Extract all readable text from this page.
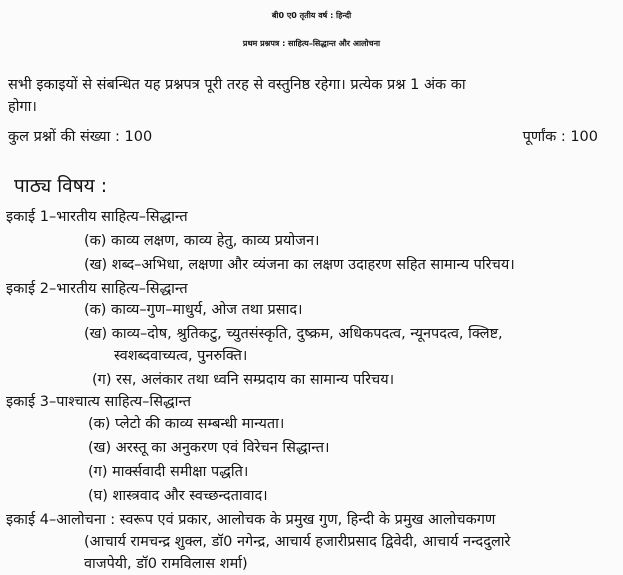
बी0 ए0 तृतीय वर्ष : हिन्दी
प्रथम प्रश्नपत्र : साहित्य–सिद्धान्त और आलोचना
सभी इकाइयों से संबन्धित यह प्रश्नपत्र पूरी तरह से वस्तुनिष्ठ रहेगा। प्रत्येक प्रश्न 1 अंक का
होगा।
कुल प्रश्नों की संख्या : 100	पूर्णांक : 100
पाठ्य विषय :
इकाई 1–भारतीय साहित्य–सिद्धान्त
(क) काव्य लक्षण, काव्य हेतु, काव्य प्रयोजन।
(ख) शब्द–अभिधा, लक्षणा और व्यंजना का लक्षण उदाहरण सहित सामान्य परिचय।
इकाई 2–भारतीय साहित्य–सिद्धान्त
(क) काव्य–गुण–माधुर्य, ओज तथा प्रसाद।
(ख) काव्य–दोष, श्रुतिकटु, च्युतसंस्कृति, दुष्क्रम, अधिकपदत्व, न्यूनपदत्व, क्लिष्ट,
स्वशब्दवाच्यत्व, पुनरुक्ति।
(ग) रस, अलंकार तथा ध्वनि सम्प्रदाय का सामान्य परिचय।
इकाई 3–पाश्चात्य साहित्य–सिद्धान्त
(क) प्लेटो की काव्य सम्बन्धी मान्यता।
(ख) अरस्तू का अनुकरण एवं विरेचन सिद्धान्त।
(ग) मार्क्सवादी समीक्षा पद्धति।
(घ) शास्त्रवाद और स्वच्छन्दतावाद।
इकाई 4–आलोचना : स्वरूप एवं प्रकार, आलोचक के प्रमुख गुण, हिन्दी के प्रमुख आलोचकगण
(आचार्य रामचन्द्र शुक्ल, डॉ0 नगेन्द्र, आचार्य हजारीप्रसाद द्विवेदी, आचार्य नन्ददुलारे
वाजपेयी, डॉ0 रामविलास शर्मा)
